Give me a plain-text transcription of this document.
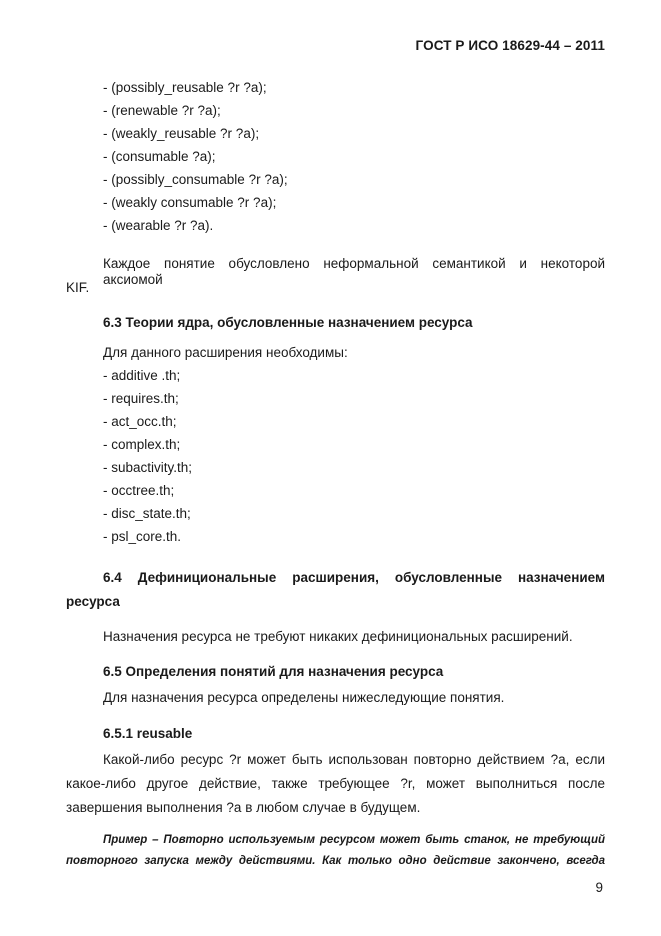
ГОСТ Р ИСО 18629-44 – 2011
- (possibly_reusable ?r ?a);
- (renewable ?r ?a);
- (weakly_reusable ?r ?a);
- (consumable ?a);
- (possibly_consumable ?r ?a);
- (weakly consumable ?r ?a);
- (wearable ?r ?a).
Каждое понятие обусловлено неформальной семантикой и некоторой аксиомой
KIF.
6.3 Теории ядра, обусловленные назначением ресурса
Для данного расширения необходимы:
- additive .th;
- requires.th;
- act_occ.th;
- complex.th;
- subactivity.th;
- occtree.th;
- disc_state.th;
- psl_core.th.
6.4 Дефинициональные расширения, обусловленные назначением
ресурса
Назначения ресурса не требуют никаких дефинициональных расширений.
6.5 Определения понятий для назначения ресурса
Для назначения ресурса определены нижеследующие понятия.
6.5.1 reusable
Какой-либо ресурс ?r может быть использован повторно действием ?a, если
какое-либо другое действие, также требующее ?r, может выполниться после
завершения выполнения ?a в любом случае в будущем.
Пример – Повторно используемым ресурсом может быть станок, не требующий
повторного запуска между действиями. Как только одно действие закончено, всегда
9
